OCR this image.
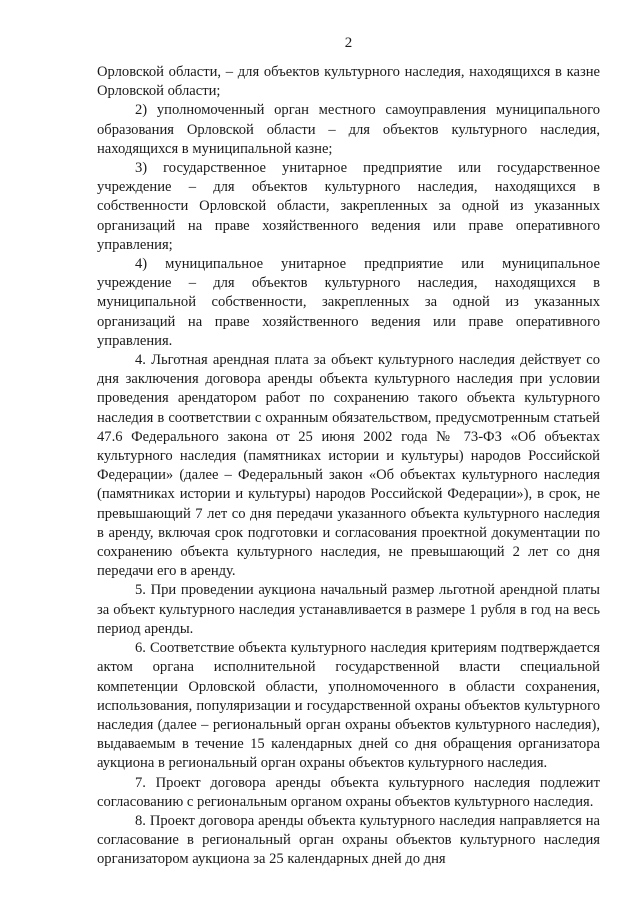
2

Орловской области, – для объектов культурного наследия, находящихся в казне Орловской области;

2) уполномоченный орган местного самоуправления муниципального образования Орловской области – для объектов культурного наследия, находящихся в муниципальной казне;

3) государственное унитарное предприятие или государственное учреждение – для объектов культурного наследия, находящихся в собственности Орловской области, закрепленных за одной из указанных организаций на праве хозяйственного ведения или праве оперативного управления;

4) муниципальное унитарное предприятие или муниципальное учреждение – для объектов культурного наследия, находящихся в муниципальной собственности, закрепленных за одной из указанных организаций на праве хозяйственного ведения или праве оперативного управления.

4. Льготная арендная плата за объект культурного наследия действует со дня заключения договора аренды объекта культурного наследия при условии проведения арендатором работ по сохранению такого объекта культурного наследия в соответствии с охранным обязательством, предусмотренным статьей 47.6 Федерального закона от 25 июня 2002 года № 73-ФЗ «Об объектах культурного наследия (памятниках истории и культуры) народов Российской Федерации» (далее – Федеральный закон «Об объектах культурного наследия (памятниках истории и культуры) народов Российской Федерации»), в срок, не превышающий 7 лет со дня передачи указанного объекта культурного наследия в аренду, включая срок подготовки и согласования проектной документации по сохранению объекта культурного наследия, не превышающий 2 лет со дня передачи его в аренду.

5. При проведении аукциона начальный размер льготной арендной платы за объект культурного наследия устанавливается в размере 1 рубля в год на весь период аренды.

6. Соответствие объекта культурного наследия критериям подтверждается актом органа исполнительной государственной власти специальной компетенции Орловской области, уполномоченного в области сохранения, использования, популяризации и государственной охраны объектов культурного наследия (далее – региональный орган охраны объектов культурного наследия), выдаваемым в течение 15 календарных дней со дня обращения организатора аукциона в региональный орган охраны объектов культурного наследия.

7. Проект договора аренды объекта культурного наследия подлежит согласованию с региональным органом охраны объектов культурного наследия.

8. Проект договора аренды объекта культурного наследия направляется на согласование в региональный орган охраны объектов культурного наследия организатором аукциона за 25 календарных дней до дня
